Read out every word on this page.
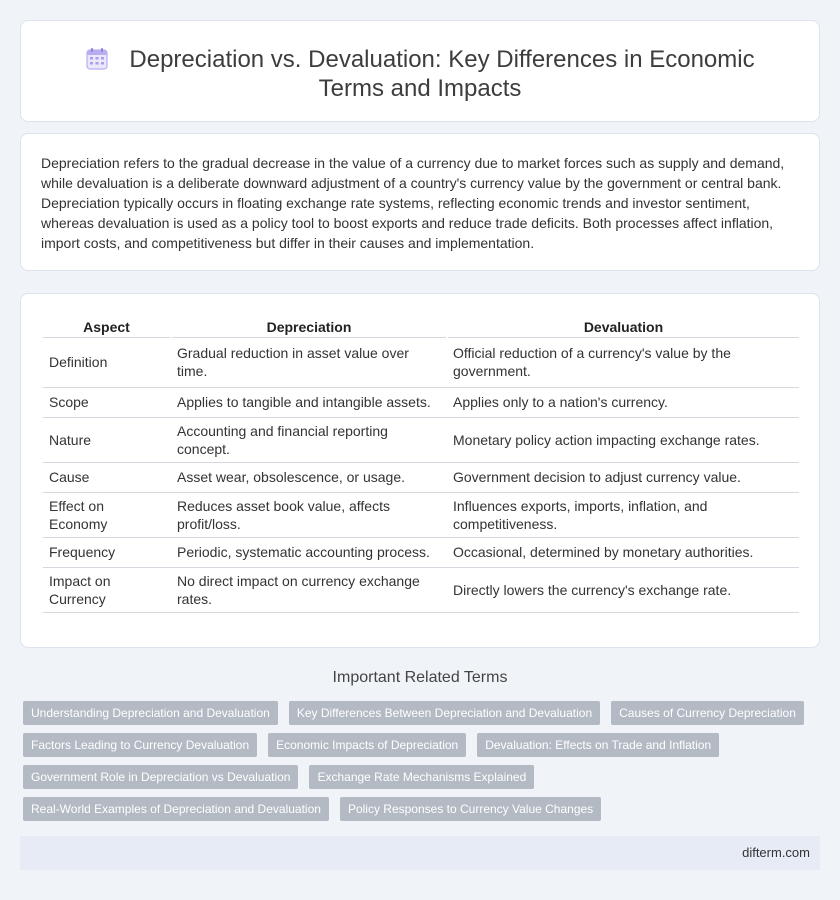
Depreciation vs. Devaluation: Key Differences in Economic Terms and Impacts

Depreciation refers to the gradual decrease in the value of a currency due to market forces such as supply and demand, while devaluation is a deliberate downward adjustment of a country's currency value by the government or central bank. Depreciation typically occurs in floating exchange rate systems, reflecting economic trends and investor sentiment, whereas devaluation is used as a policy tool to boost exports and reduce trade deficits. Both processes affect inflation, import costs, and competitiveness but differ in their causes and implementation.

Aspect	Depreciation	Devaluation
Definition	Gradual reduction in asset value over time.	Official reduction of a currency's value by the government.
Scope	Applies to tangible and intangible assets.	Applies only to a nation's currency.
Nature	Accounting and financial reporting concept.	Monetary policy action impacting exchange rates.
Cause	Asset wear, obsolescence, or usage.	Government decision to adjust currency value.
Effect on Economy	Reduces asset book value, affects profit/loss.	Influences exports, imports, inflation, and competitiveness.
Frequency	Periodic, systematic accounting process.	Occasional, determined by monetary authorities.
Impact on Currency	No direct impact on currency exchange rates.	Directly lowers the currency's exchange rate.
Important Related Terms
Understanding Depreciation and Devaluation Key Differences Between Depreciation and Devaluation Causes of Currency Depreciation
Factors Leading to Currency Devaluation Economic Impacts of Depreciation Devaluation: Effects on Trade and Inflation
Government Role in Depreciation vs Devaluation Exchange Rate Mechanisms Explained
Real-World Examples of Depreciation and Devaluation Policy Responses to Currency Value Changes
difterm.com
